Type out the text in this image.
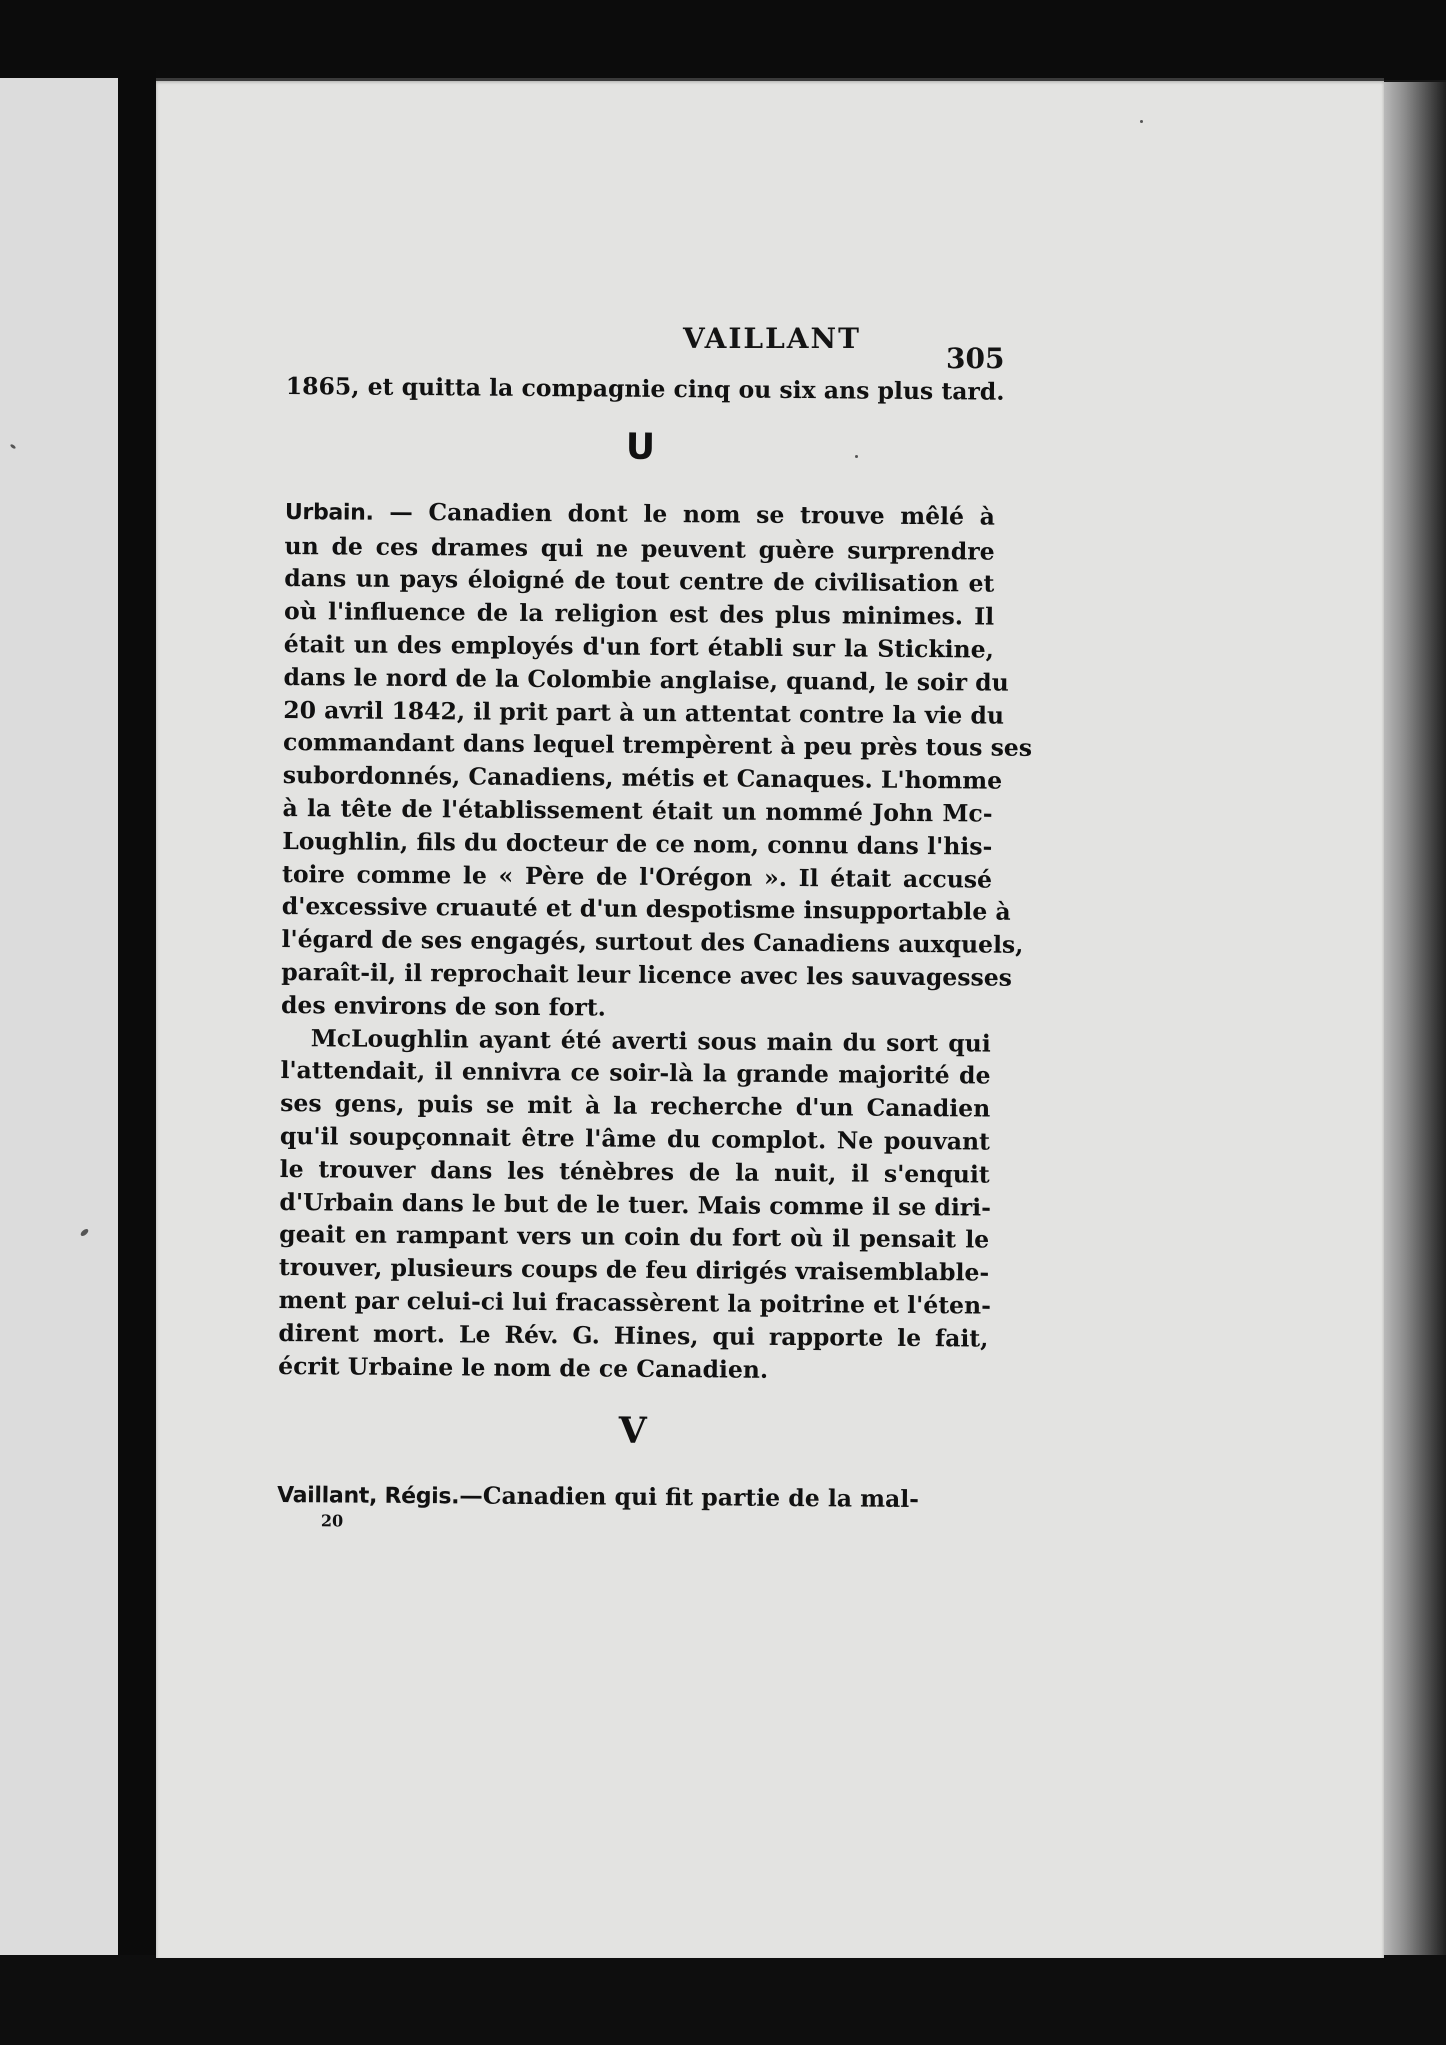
VAILLANT
305
1865, et quitta la compagnie cinq ou six ans plus tard.
U
Urbain. — Canadien dont le nom se trouve mêlé à
un de ces drames qui ne peuvent guère surprendre
dans un pays éloigné de tout centre de civilisation et
où l'influence de la religion est des plus minimes. Il
était un des employés d'un fort établi sur la Stickine,
dans le nord de la Colombie anglaise, quand, le soir du
20 avril 1842, il prit part à un attentat contre la vie du
commandant dans lequel trempèrent à peu près tous ses
subordonnés, Canadiens, métis et Canaques. L'homme
à la tête de l'établissement était un nommé John Mc-
Loughlin, fils du docteur de ce nom, connu dans l'his-
toire comme le « Père de l'Orégon ». Il était accusé
d'excessive cruauté et d'un despotisme insupportable à
l'égard de ses engagés, surtout des Canadiens auxquels,
paraît-il, il reprochait leur licence avec les sauvagesses
des environs de son fort.
McLoughlin ayant été averti sous main du sort qui
l'attendait, il ennivra ce soir-là la grande majorité de
ses gens, puis se mit à la recherche d'un Canadien
qu'il soupçonnait être l'âme du complot. Ne pouvant
le trouver dans les ténèbres de la nuit, il s'enquit
d'Urbain dans le but de le tuer. Mais comme il se diri-
geait en rampant vers un coin du fort où il pensait le
trouver, plusieurs coups de feu dirigés vraisemblable-
ment par celui-ci lui fracassèrent la poitrine et l'éten-
dirent mort. Le Rév. G. Hines, qui rapporte le fait,
écrit Urbaine le nom de ce Canadien.
V
Vaillant, Régis.—Canadien qui fit partie de la mal-
20
